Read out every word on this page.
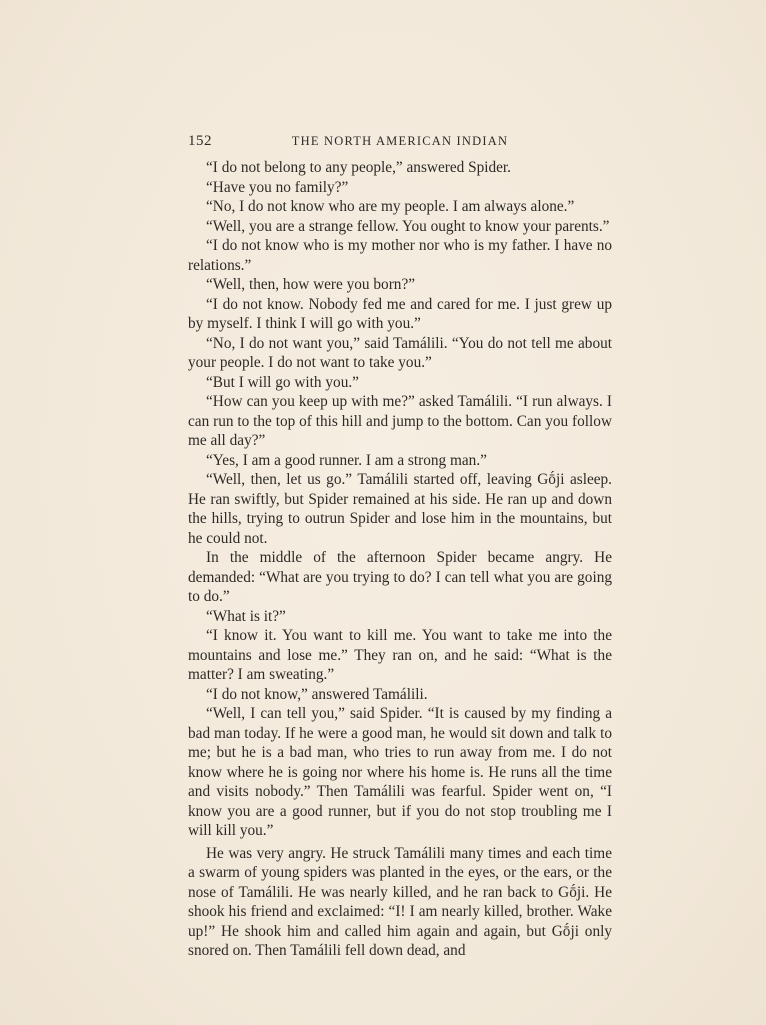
152	THE NORTH AMERICAN INDIAN

“I do not belong to any people,” answered Spider.

“Have you no family?”

“No, I do not know who are my people. I am always alone.”

“Well, you are a strange fellow. You ought to know your parents.”

“I do not know who is my mother nor who is my father. I have no relations.”

“Well, then, how were you born?”

“I do not know. Nobody fed me and cared for me. I just grew up by myself. I think I will go with you.”

“No, I do not want you,” said Tamálili. “You do not tell me about your people. I do not want to take you.”

“But I will go with you.”

“How can you keep up with me?” asked Tamálili. “I run always. I can run to the top of this hill and jump to the bottom. Can you follow me all day?”

“Yes, I am a good runner. I am a strong man.”

“Well, then, let us go.” Tamálili started off, leaving Gṓji asleep. He ran swiftly, but Spider remained at his side. He ran up and down the hills, trying to outrun Spider and lose him in the mountains, but he could not.

In the middle of the afternoon Spider became angry. He demanded: “What are you trying to do? I can tell what you are going to do.”

“What is it?”

“I know it. You want to kill me. You want to take me into the mountains and lose me.” They ran on, and he said: “What is the matter? I am sweating.”

“I do not know,” answered Tamálili.

“Well, I can tell you,” said Spider. “It is caused by my finding a bad man today. If he were a good man, he would sit down and talk to me; but he is a bad man, who tries to run away from me. I do not know where he is going nor where his home is. He runs all the time and visits nobody.” Then Tamálili was fearful. Spider went on, “I know you are a good runner, but if you do not stop troubling me I will kill you.”

He was very angry. He struck Tamálili many times and each time a swarm of young spiders was planted in the eyes, or the ears, or the nose of Tamálili. He was nearly killed, and he ran back to Gṓji. He shook his friend and exclaimed: “I! I am nearly killed, brother. Wake up!” He shook him and called him again and again, but Gṓji only snored on. Then Tamálili fell down dead, and
